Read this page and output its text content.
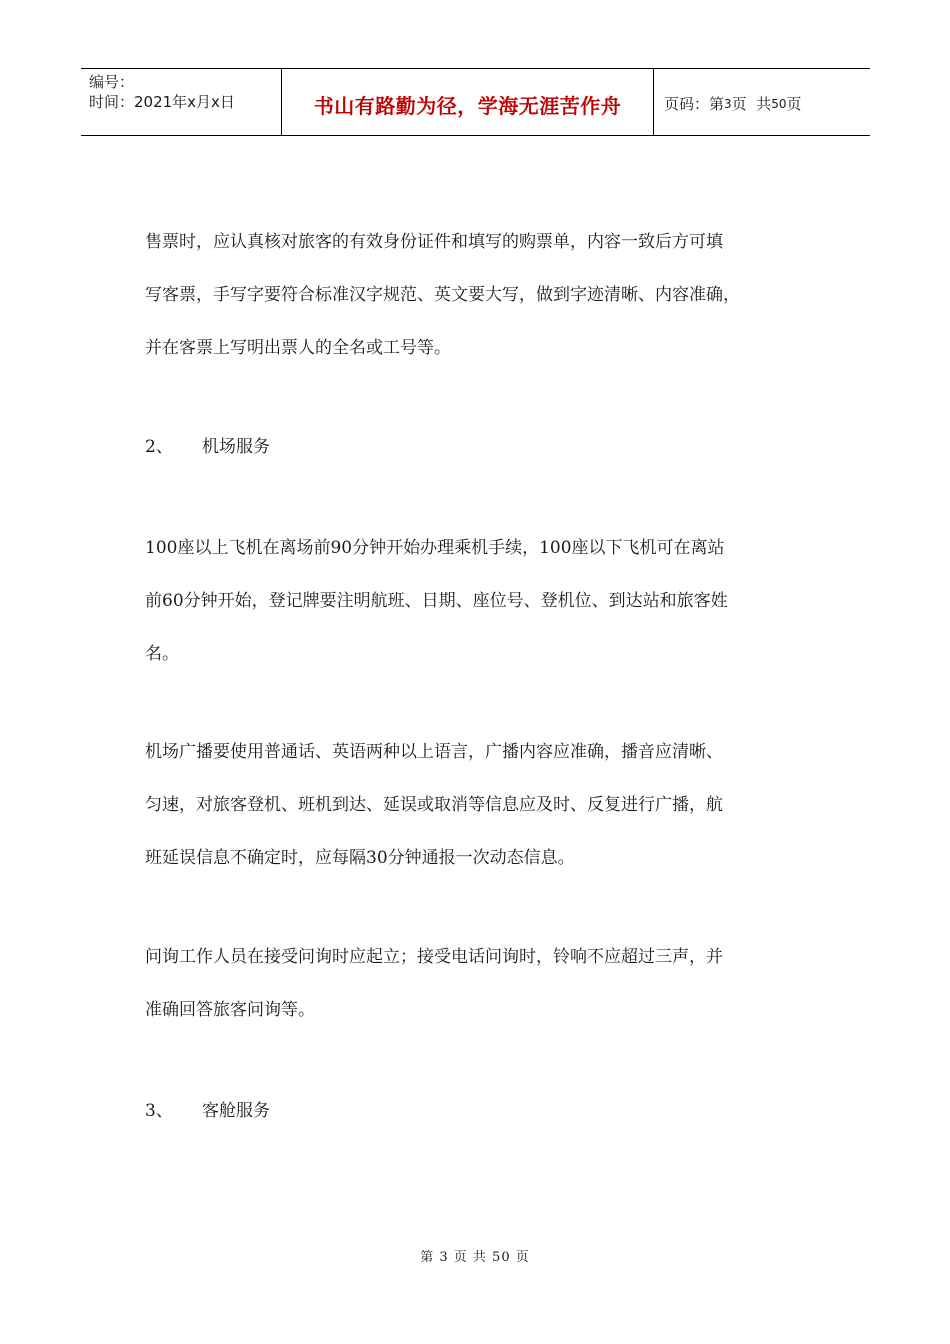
编号：
时间：2021年x月x日	书山有路勤为径，学海无涯苦作舟	页码：第 3 页  共 50 页

售票时，应认真核对旅客的有效身份证件和填写的购票单，内容一致后方可填
写客票，手写字要符合标准汉字规范、英文要大写，做到字迹清晰、内容准确，
并在客票上写明出票人的全名或工号等。

2、 机场服务

100座以上飞机在离场前90分钟开始办理乘机手续，100座以下飞机可在离站
前60分钟开始，登记牌要注明航班、日期、座位号、登机位、到达站和旅客姓
名。

机场广播要使用普通话、英语两种以上语言，广播内容应准确，播音应清晰、
匀速，对旅客登机、班机到达、延误或取消等信息应及时、反复进行广播，航
班延误信息不确定时，应每隔30分钟通报一次动态信息。

问询工作人员在接受问询时应起立；接受电话问询时，铃响不应超过三声，并
准确回答旅客问询等。

3、 客舱服务
第 3 页 共 50 页
